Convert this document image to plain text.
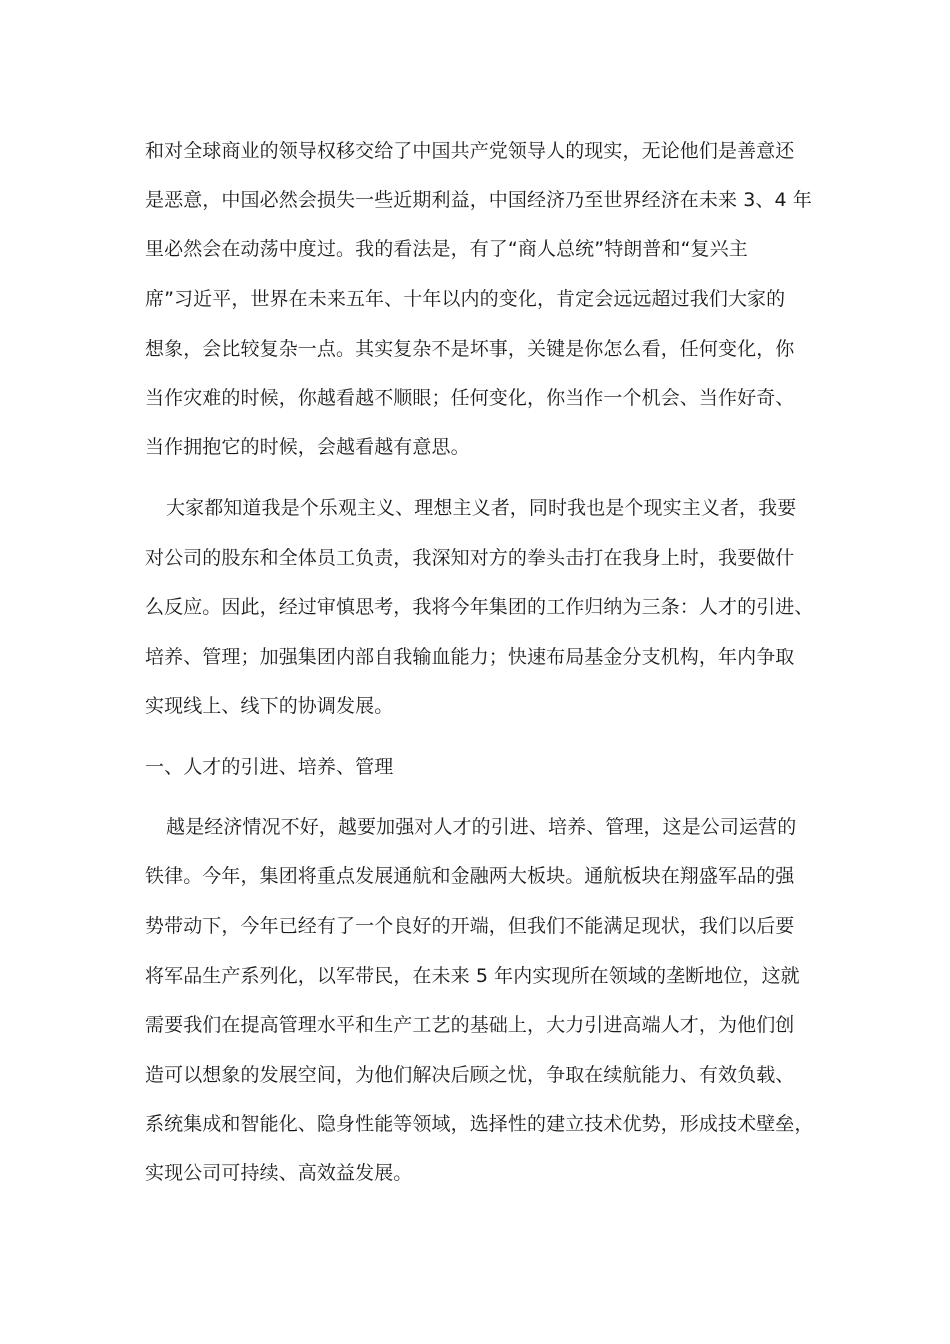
和对全球商业的领导权移交给了中国共产党领导人的现实，无论他们是善意还
是恶意，中国必然会损失一些近期利益，中国经济乃至世界经济在未来 3、4 年
里必然会在动荡中度过。我的看法是，有了“商人总统”特朗普和“复兴主
席”习近平，世界在未来五年、十年以内的变化，肯定会远远超过我们大家的
想象，会比较复杂一点。其实复杂不是坏事，关键是你怎么看，任何变化，你
当作灾难的时候，你越看越不顺眼；任何变化，你当作一个机会、当作好奇、
当作拥抱它的时候，会越看越有意思。
大家都知道我是个乐观主义、理想主义者，同时我也是个现实主义者，我要
对公司的股东和全体员工负责，我深知对方的拳头击打在我身上时，我要做什
么反应。因此，经过审慎思考，我将今年集团的工作归纳为三条：人才的引进、
培养、管理；加强集团内部自我输血能力；快速布局基金分支机构，年内争取
实现线上、线下的协调发展。
一、人才的引进、培养、管理
越是经济情况不好，越要加强对人才的引进、培养、管理，这是公司运营的
铁律。今年，集团将重点发展通航和金融两大板块。通航板块在翔盛军品的强
势带动下，今年已经有了一个良好的开端，但我们不能满足现状，我们以后要
将军品生产系列化，以军带民，在未来 5 年内实现所在领域的垄断地位，这就
需要我们在提高管理水平和生产工艺的基础上，大力引进高端人才，为他们创
造可以想象的发展空间，为他们解决后顾之忧，争取在续航能力、有效负载、
系统集成和智能化、隐身性能等领域，选择性的建立技术优势，形成技术壁垒，
实现公司可持续、高效益发展。
